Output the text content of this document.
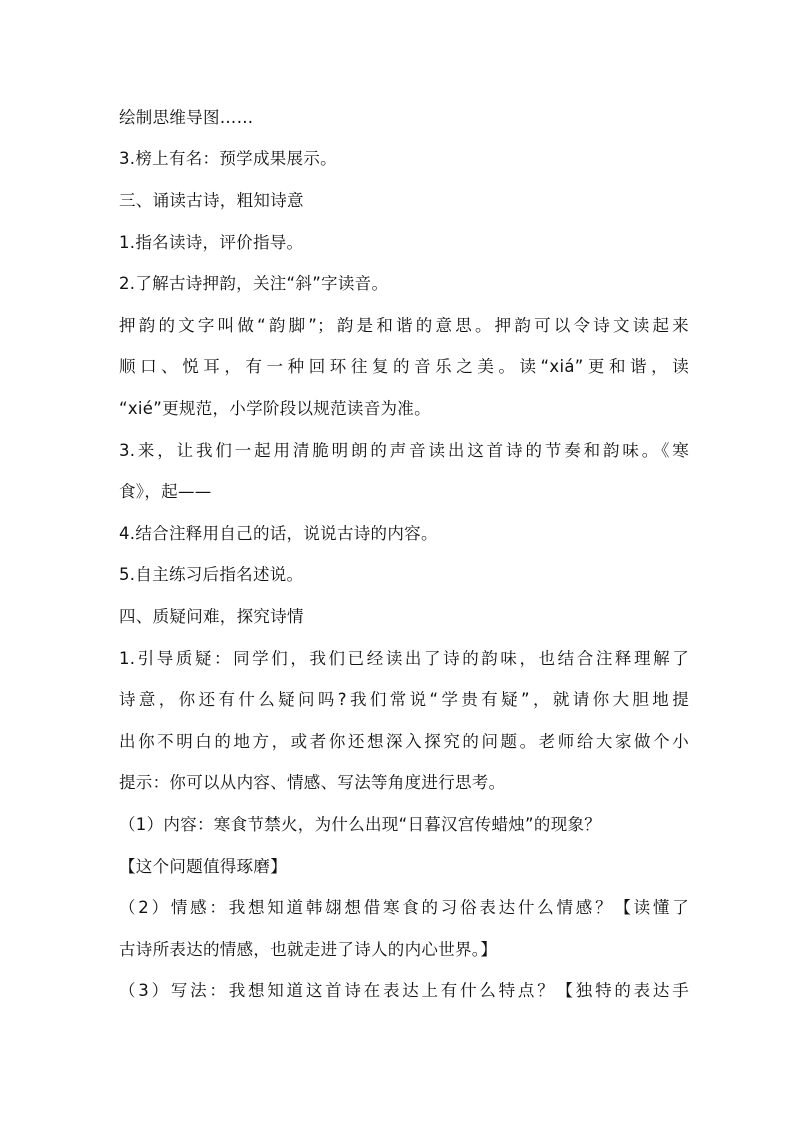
绘制思维导图……
3.榜上有名：预学成果展示。
三、诵读古诗，粗知诗意
1.指名读诗，评价指导。
2.了解古诗押韵，关注“斜”字读音。
押韵的文字叫做“韵脚”；韵是和谐的意思。押韵可以令诗文读起来
顺口、悦耳，有一种回环往复的音乐之美。读“xiá”更和谐，读
“xié”更规范，小学阶段以规范读音为准。
3.来，让我们一起用清脆明朗的声音读出这首诗的节奏和韵味。《寒
食》，起——
4.结合注释用自己的话，说说古诗的内容。
5.自主练习后指名述说。
四、质疑问难，探究诗情
1.引导质疑：同学们，我们已经读出了诗的韵味，也结合注释理解了
诗意，你还有什么疑问吗?我们常说“学贵有疑”，就请你大胆地提
出你不明白的地方，或者你还想深入探究的问题。老师给大家做个小
提示：你可以从内容、情感、写法等角度进行思考。
（1）内容：寒食节禁火，为什么出现“日暮汉宫传蜡烛”的现象？
【这个问题值得琢磨】
（2）情感：我想知道韩翃想借寒食的习俗表达什么情感？【读懂了
古诗所表达的情感，也就走进了诗人的内心世界。】
（3）写法：我想知道这首诗在表达上有什么特点？【独特的表达手
